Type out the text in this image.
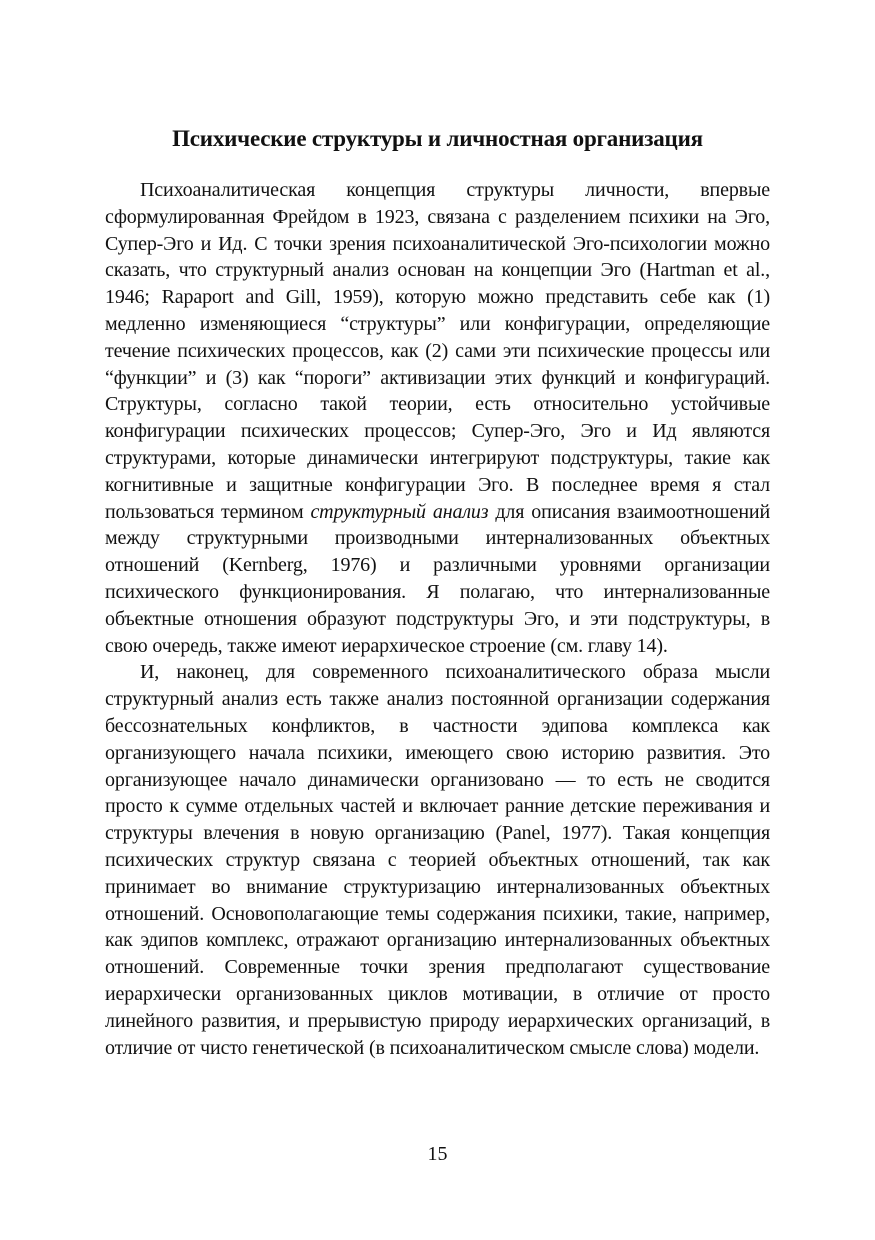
Психические структуры и личностная организация

Психоаналитическая концепция структуры личности, впервые сформулированная Фрейдом в 1923, связана с разделением психики на Эго, Супер-Эго и Ид. С точки зрения психоаналитической Эго-психологии можно сказать, что структурный анализ основан на концепции Эго (Hartman et al., 1946; Rapaport and Gill, 1959), которую можно представить себе как (1) медленно изменяющиеся “структуры” или конфигурации, определяющие течение психических процессов, как (2) сами эти психические процессы или “функции” и (3) как “пороги” активизации этих функций и конфигураций. Структуры, согласно такой теории, есть относительно устойчивые конфигурации психических процессов; Супер-Эго, Эго и Ид являются структурами, которые динамически интегрируют подструктуры, такие как когнитивные и защитные конфигурации Эго. В последнее время я стал пользоваться термином структурный анализ для описания взаимоотношений между структурными производными интернализованных объектных отношений (Kernberg, 1976) и различными уровнями организации психического функционирования. Я полагаю, что интернализованные объектные отношения образуют подструктуры Эго, и эти подструктуры, в свою очередь, также имеют иерархическое строение (см. главу 14).

И, наконец, для современного психоаналитического образа мысли структурный анализ есть также анализ постоянной организации содержания бессознательных конфликтов, в частности эдипова комплекса как организующего начала психики, имеющего свою историю развития. Это организующее начало динамически организовано — то есть не сводится просто к сумме отдельных частей и включает ранние детские переживания и структуры влечения в новую организацию (Panel, 1977). Такая концепция психических структур связана с теорией объектных отношений, так как принимает во внимание структуризацию интернализованных объектных отношений. Основополагающие темы содержания психики, такие, например, как эдипов комплекс, отражают организацию интернализованных объектных отношений. Современные точки зрения предполагают существование иерархически организованных циклов мотивации, в отличие от просто линейного развития, и прерывистую природу иерархических организаций, в отличие от чисто генетической (в психоаналитическом смысле слова) модели.

15
